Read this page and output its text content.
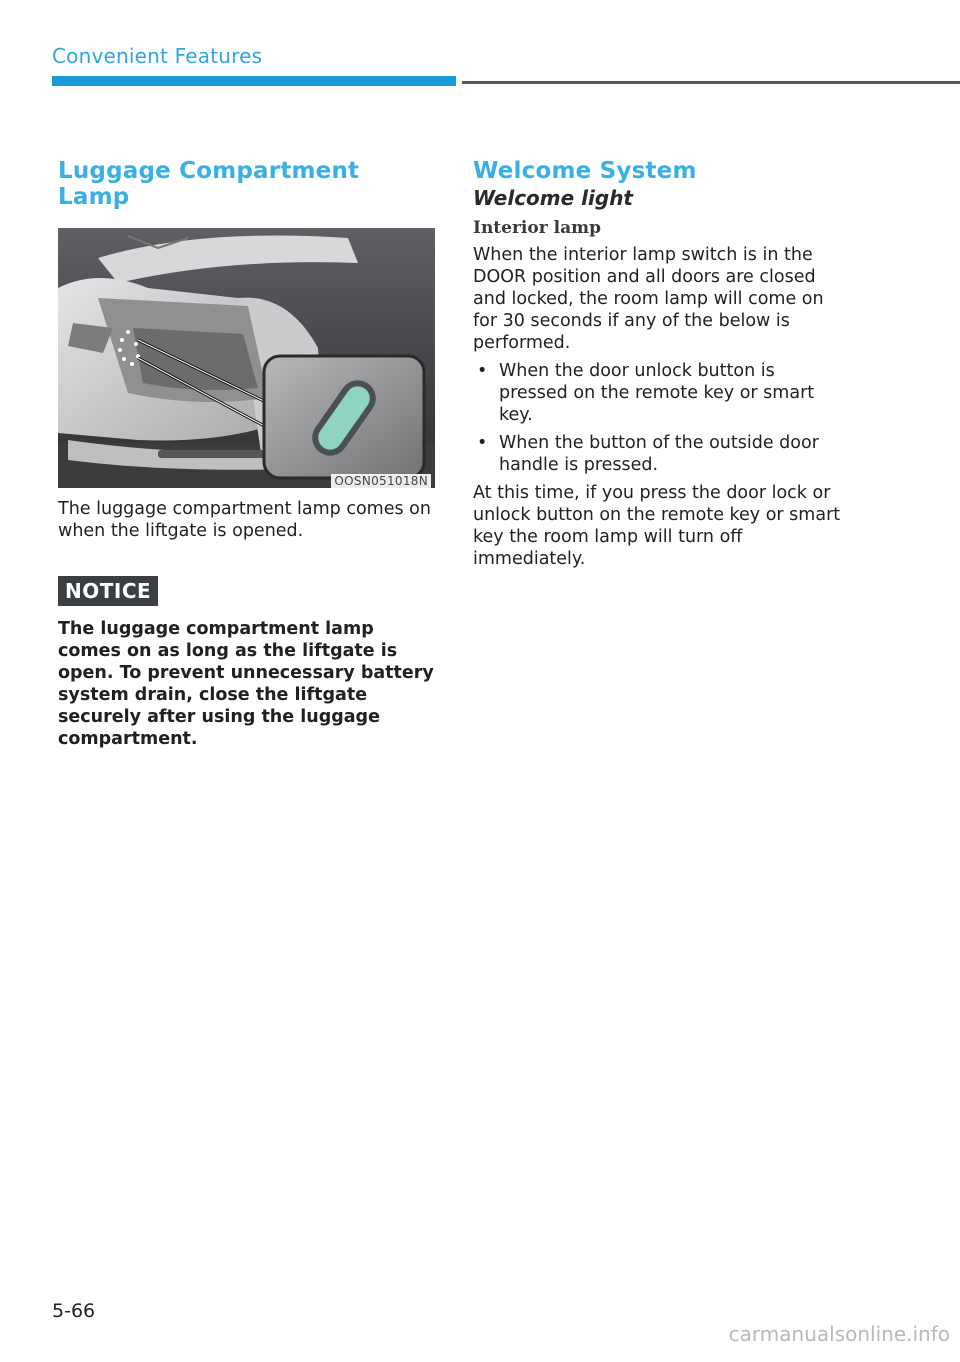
Convenient Features
Luggage Compartment Lamp
OOSN051018N

The luggage compartment lamp comes on when the liftgate is opened.

NOTICE

The luggage compartment lamp comes on as long as the liftgate is open. To prevent unnecessary battery system drain, close the liftgate securely after using the luggage compartment.

Welcome System
Welcome light
Interior lamp

When the interior lamp switch is in the DOOR position and all doors are closed and locked, the room lamp will come on for 30 seconds if any of the below is performed.

• When the door unlock button is pressed on the remote key or smart key.
• When the button of the outside door handle is pressed.

At this time, if you press the door lock or unlock button on the remote key or smart key the room lamp will turn off immediately.

5-66
carmanualsonline.info
